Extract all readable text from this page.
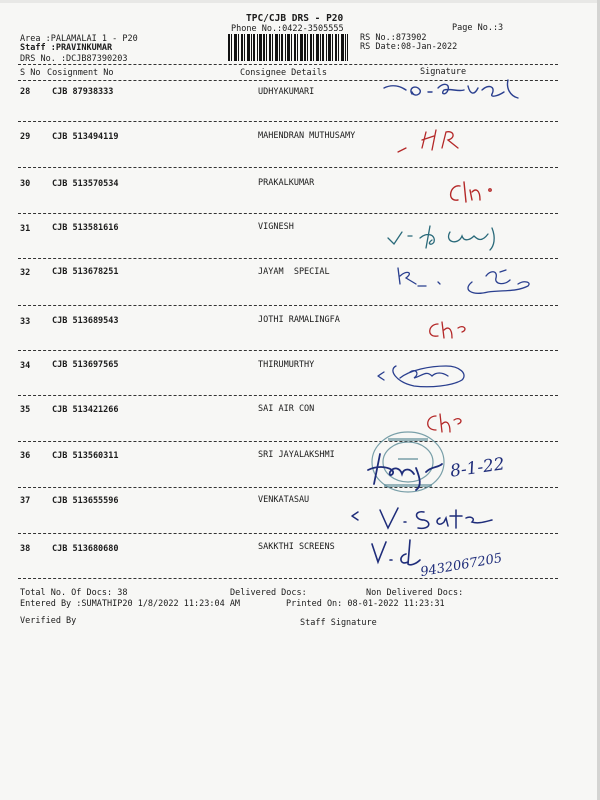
TPC/CJB DRS - P20
Phone No.:0422-3505555	Page No.:3
Area :PALAMALAI 1 - P20
Staff :PRAVINKUMAR
DRS No. :DCJB87390203
RS No.:873902
RS Date:08-Jan-2022
S No Cosignment No	Consignee Details	Signature
28	CJB 87938333	UDHYAKUMARI
29	CJB 513494119	MAHENDRAN MUTHUSAMY
30	CJB 513570534	PRAKALKUMAR
31	CJB 513581616	VIGNESH
32	CJB 513678251	JAYAM  SPECIAL
33	CJB 513689543	JOTHI RAMALINGFA
34	CJB 513697565	THIRUMURTHY
35	CJB 513421266	SAI AIR CON
36	CJB 513560311	SRI JAYALAKSHMI
37	CJB 513655596	VENKATASAU
38	CJB 513680680	SAKKTHI SCREENS
8-1-22
9432067205
Total No. Of Docs: 38	Delivered Docs:	Non Delivered Docs:
Entered By :SUMATHIP20 1/8/2022 11:23:04 AM	Printed On: 08-01-2022 11:23:31
Verified By	Staff Signature
